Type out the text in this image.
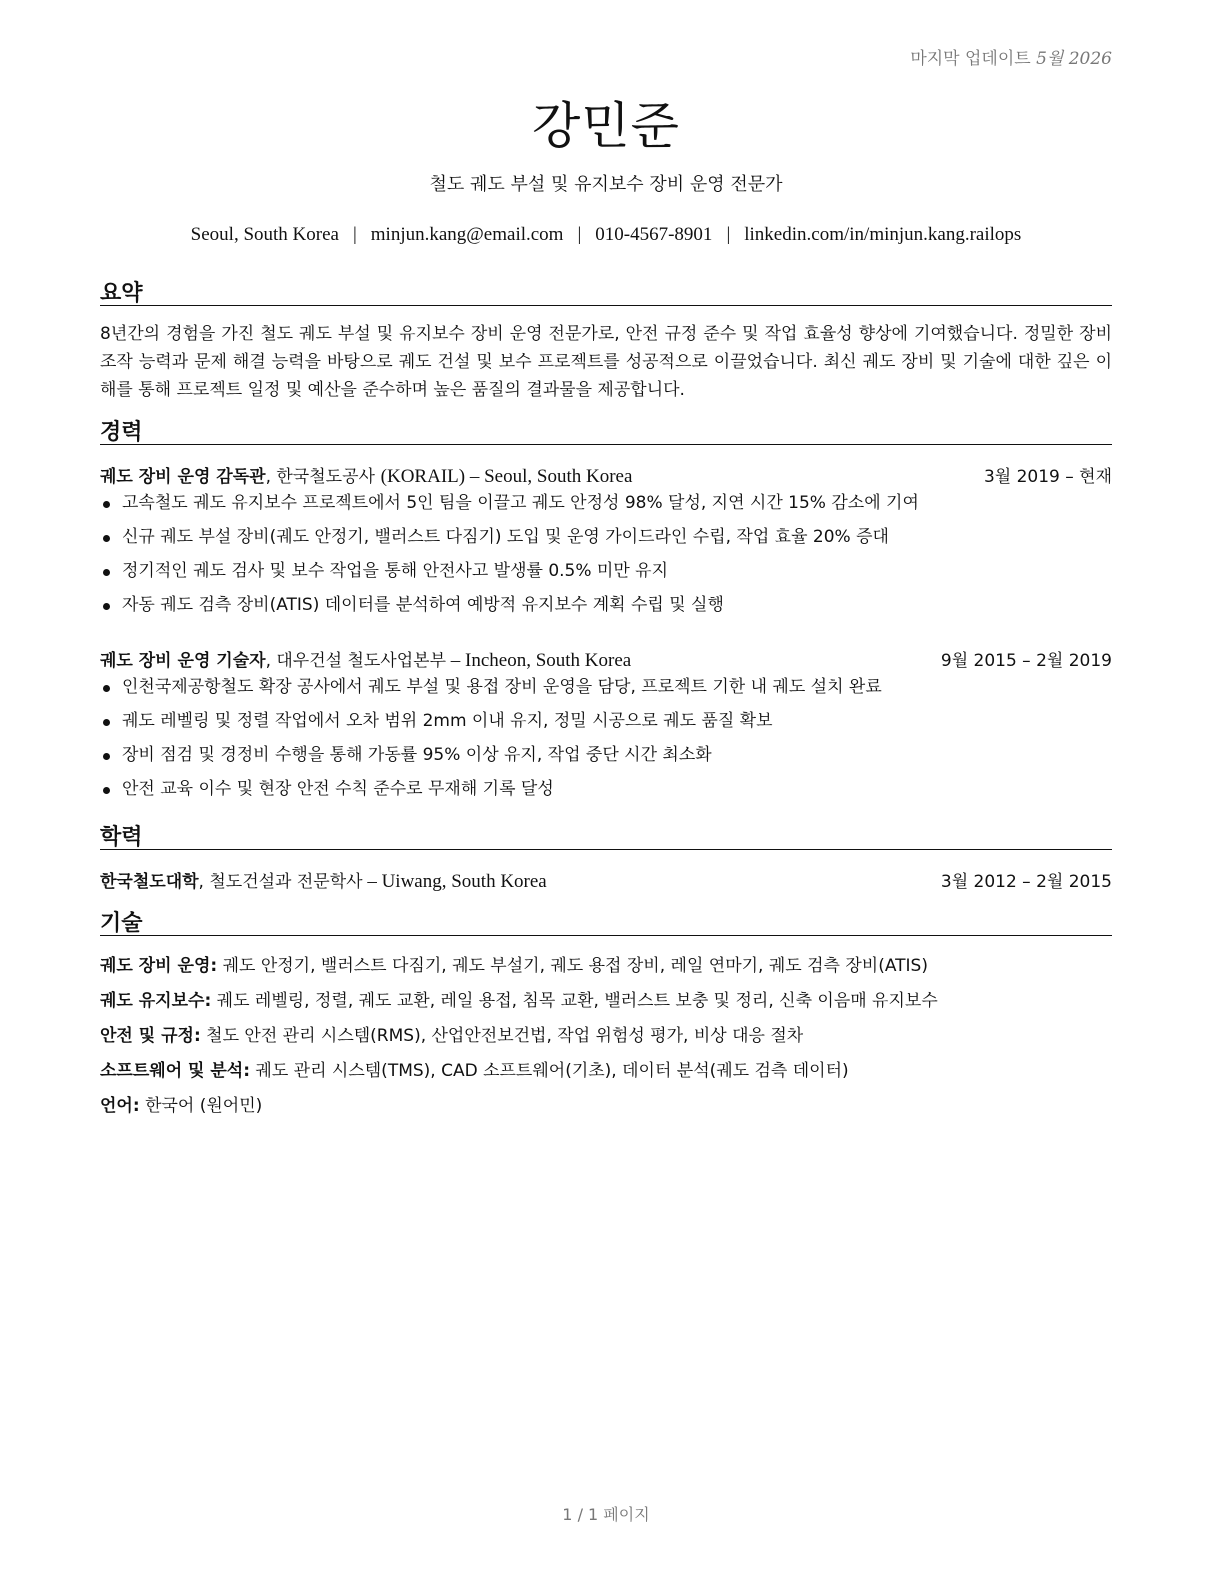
마지막 업데이트 5월 2026
강민준
철도 궤도 부설 및 유지보수 장비 운영 전문가
Seoul, South Korea | minjun.kang@email.com | 010-4567-8901 | linkedin.com/in/minjun.kang.railops
요약
8년간의 경험을 가진 철도 궤도 부설 및 유지보수 장비 운영 전문가로, 안전 규정 준수 및 작업 효율성 향상에 기여했습니다. 정밀한 장비 조작 능력과 문제 해결 능력을 바탕으로 궤도 건설 및 보수 프로젝트를 성공적으로 이끌었습니다. 최신 궤도 장비 및 기술에 대한 깊은 이해를 통해 프로젝트 일정 및 예산을 준수하며 높은 품질의 결과물을 제공합니다.
경력
궤도 장비 운영 감독관, 한국철도공사 (KORAIL) – Seoul, South Korea	3월 2019 – 현재
고속철도 궤도 유지보수 프로젝트에서 5인 팀을 이끌고 궤도 안정성 98% 달성, 지연 시간 15% 감소에 기여
신규 궤도 부설 장비(궤도 안정기, 밸러스트 다짐기) 도입 및 운영 가이드라인 수립, 작업 효율 20% 증대
정기적인 궤도 검사 및 보수 작업을 통해 안전사고 발생률 0.5% 미만 유지
자동 궤도 검측 장비(ATIS) 데이터를 분석하여 예방적 유지보수 계획 수립 및 실행
궤도 장비 운영 기술자, 대우건설 철도사업본부 – Incheon, South Korea	9월 2015 – 2월 2019
인천국제공항철도 확장 공사에서 궤도 부설 및 용접 장비 운영을 담당, 프로젝트 기한 내 궤도 설치 완료
궤도 레벨링 및 정렬 작업에서 오차 범위 2mm 이내 유지, 정밀 시공으로 궤도 품질 확보
장비 점검 및 경정비 수행을 통해 가동률 95% 이상 유지, 작업 중단 시간 최소화
안전 교육 이수 및 현장 안전 수칙 준수로 무재해 기록 달성
학력
한국철도대학, 철도건설과 전문학사 – Uiwang, South Korea	3월 2012 – 2월 2015
기술
궤도 장비 운영: 궤도 안정기, 밸러스트 다짐기, 궤도 부설기, 궤도 용접 장비, 레일 연마기, 궤도 검측 장비(ATIS)
궤도 유지보수: 궤도 레벨링, 정렬, 궤도 교환, 레일 용접, 침목 교환, 밸러스트 보충 및 정리, 신축 이음매 유지보수
안전 및 규정: 철도 안전 관리 시스템(RMS), 산업안전보건법, 작업 위험성 평가, 비상 대응 절차
소프트웨어 및 분석: 궤도 관리 시스템(TMS), CAD 소프트웨어(기초), 데이터 분석(궤도 검측 데이터)
언어: 한국어 (원어민)
1 / 1 페이지
